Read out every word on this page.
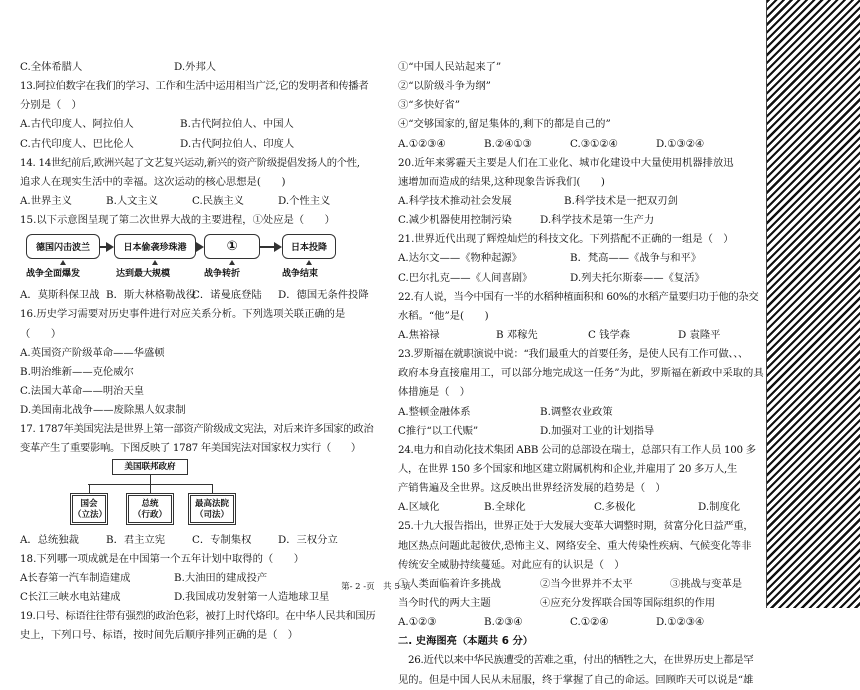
C.全体希腊人	D.外邦人
13.阿拉伯数字在我们的学习、工作和生活中运用相当广泛,它的发明者和传播者
分别是（　）
A.古代印度人、阿拉伯人	B.古代阿拉伯人、中国人
C.古代印度人、巴比伦人	D.古代阿拉伯人、印度人
14. 14世纪前后,欧洲兴起了文艺复兴运动,新兴的资产阶级提倡发扬人的个性,
追求人在现实生活中的幸福。这次运动的核心思想是(　　)
A.世界主义	B.人文主义	C.民族主义	D.个性主义
15.以下示意图呈现了第二次世界大战的主要进程，①处应是（　　）
德国闪击波兰	日本偷袭珍珠港	①	日本投降
战争全面爆发	达到最大规模	战争转折	战争结束
A．莫斯科保卫战 B．斯大林格勒战役
C．诺曼底登陆 D．德国无条件投降
16.历史学习需要对历史事件进行对应关系分析。下列选项关联正确的是
（　　）
A.英国资产阶级革命——华盛顿
B.明治维新——克伦威尔
C.法国大革命——明治天皇
D.美国南北战争——废除黑人奴隶制
17. 1787年美国宪法是世界上第一部资产阶级成文宪法，对后来许多国家的政治
变革产生了重要影响。下图反映了 1787 年美国宪法对国家权力实行（　　）
美国联邦政府
国会
（立法）
总统
（行政）
最高法院
（司法）
A．总统独裁	B．君主立宪	C．专制集权	D．三权分立
18.下列哪一项成就是在中国第一个五年计划中取得的（　　）
A长春第一汽车制造建成	B.大油田的建成投产
C长江三峡水电站建成	D.我国成功发射第一人造地球卫星
19.口号、标语往往带有强烈的政治色彩，被打上时代烙印。在中华人民共和国历
史上，下列口号、标语，按时间先后顺序排列正确的是（　）
①“中国人民站起来了”
②“以阶级斗争为纲”
③“多快好省”
④“交够国家的,留足集体的,剩下的都是自己的”
A.①②③④	B.②④①③	C.③①②④	D.①③②④
20.近年来雾霾天主要是人们在工业化、城市化建设中大量使用机器排放迅
速增加而造成的结果,这种现象告诉我们(　　)
A.科学技术推动社会发展	B.科学技术是一把双刃剑
C.减少机器使用控制污染	D.科学技术是第一生产力
21.世界近代出现了辉煌灿烂的科技文化。下列搭配不正确的一组是（　）
A.达尔文——《物种起源》	B．梵高——《战争与和平》
C.巴尔扎克——《人间喜剧》	D.列夫托尔斯泰——《复活》
22.有人说，当今中国有一半的水稻种植面积和 60%的水稻产量要归功于他的杂交
水稻。“他”是(　　)
A.焦裕禄	B 邓稼先	C 钱学森	D 袁隆平
23.罗斯福在就职演说中说：“我们最重大的首要任务，是使人民有工作可做、、、
政府本身直接雇用工，可以部分地完成这一任务”为此，罗斯福在新政中采取的具
体措施是（　）
A.整顿金融体系	B.调整农业政策
C推行“以工代赈”	D.加强对工业的计划指导
24.电力和自动化技术集团 ABB 公司的总部设在瑞士，总部只有工作人员 100 多
人，在世界 150 多个国家和地区建立附属机构和企业,并雇用了 20 多万人,生
产销售遍及全世界。这反映出世界经济发展的趋势是（　）
A.区域化	B.全球化	C.多极化	D.制度化
25.十九大报告指出，世界正处于大发展大变革大调整时期，贫富分化日益严重，
地区热点问题此起彼伏,恐怖主义、网络安全、重大传染性疾病、气候变化等非
传统安全威胁持续蔓延。对此应有的认识是（　）
①人类面临着许多挑战	②当今世界并不太平	③挑战与变革是
当今时代的两大主题	④应充分发挥联合国等国际组织的作用
A.①②③	B.②③④	C.①②④	D.①②③④
二. 史海图亮（本题共 6 分）
　26.近代以来中华民族遭受的苦难之重，付出的牺牲之大，在世界历史上都是罕
见的。但是中国人民从未屈服，终于掌握了自己的命运。回顾昨天可以说是“雄
第- 2 -页　共 5 页
